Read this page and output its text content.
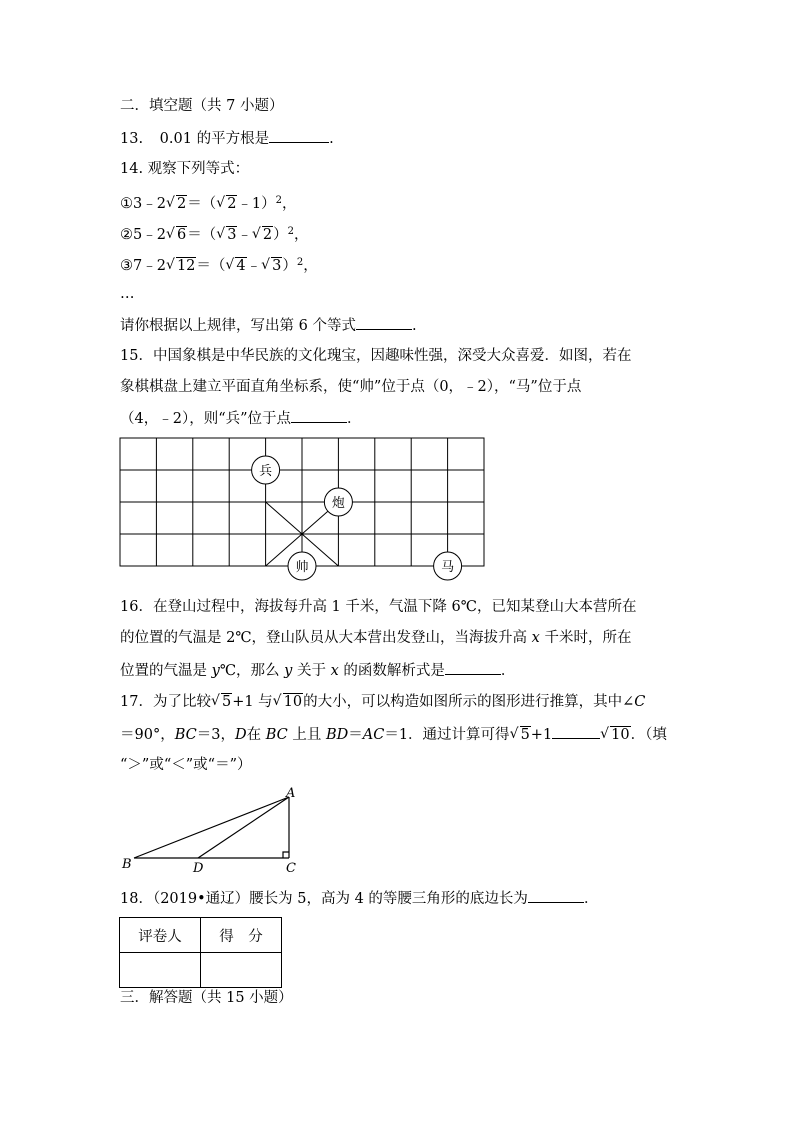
二．填空题（共 7 小题）
13. 0.01 的平方根是	.
14. 观察下列等式：
①3﹣2 √ 2＝（ √ 2﹣1）$^2$，
②5﹣2 √ 6＝（ √ 3﹣ √ 2）$^2$，
③7﹣2 √ 12＝（ √ 4﹣ √ 3）$^2$，
…
请你根据以上规律，写出第 6 个等式	.
15．中国象棋是中华民族的文化瑰宝，因趣味性强，深受大众喜爱．如图，若在
象棋棋盘上建立平面直角坐标系，使“帅”位于点（0，﹣2），“马”位于点
（4，﹣2），则“兵”位于点	．
兵
炮
帅	马
16．在登山过程中，海拔每升高 1 千米，气温下降 6℃，已知某登山大本营所在
的位置的气温是 2℃，登山队员从大本营出发登山，当海拔升高 x 千米时，所在
位置的气温是 y℃，那么 y 关于 x 的函数解析式是	．
17．为了比较 √ 5+1 与 √ 10的大小，可以构造如图所示的图形进行推算，其中∠C
＝90°，BC＝3，D在 BC 上且 BD＝AC＝1．通过计算可得 √ 5+1	√ 10．（填
“＞”或“＜”或“＝”）
A
B	C
D
18．（2019•通辽）腰长为 5，高为 4 的等腰三角形的底边长为	．
评卷人	得　分

三．解答题（共 15 小题）
